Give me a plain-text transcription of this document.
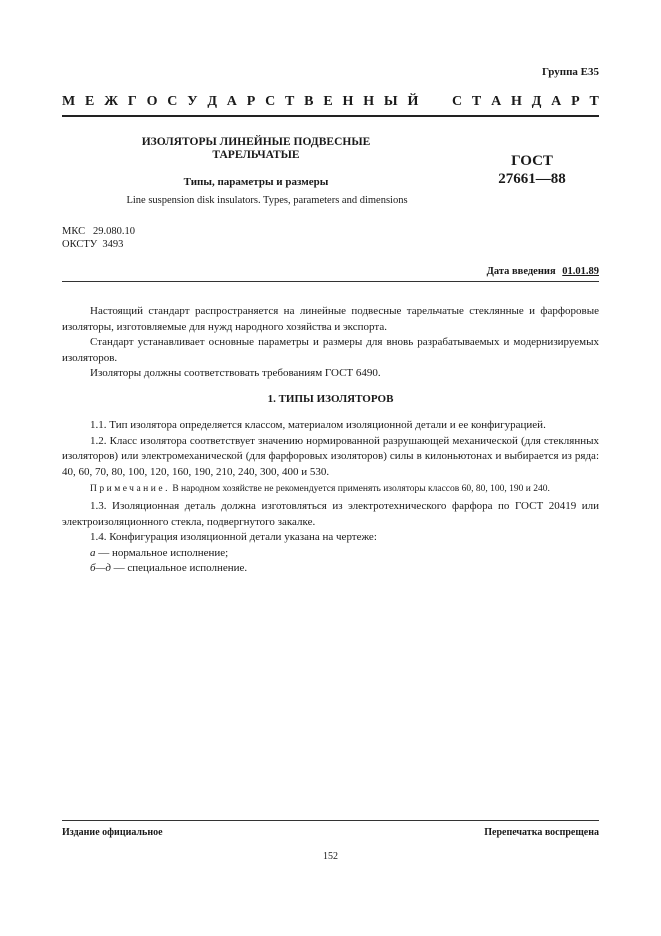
Группа Е35
М Е Ж Г О С У Д А Р С Т В Е Н Н Ы Й С Т А Н Д А Р Т
ИЗОЛЯТОРЫ ЛИНЕЙНЫЕ ПОДВЕСНЫЕ
ТАРЕЛЬЧАТЫЕ
Типы, параметры и размеры
ГОСТ
27661—88
Line suspension disk insulators. Types, parameters and dimensions
МКС   29.080.10
ОКСТУ  3493
Дата введения 01.01.89

Настоящий стандарт распространяется на линейные подвесные тарельчатые стеклянные и фарфоровые изоляторы, изготовляемые для нужд народного хозяйства и экспорта.

Стандарт устанавливает основные параметры и размеры для вновь разрабатываемых и модернизируемых изоляторов.

Изоляторы должны соответствовать требованиям ГОСТ 6490.

1. ТИПЫ ИЗОЛЯТОРОВ

1.1. Тип изолятора определяется классом, материалом изоляционной детали и ее конфигурацией.

1.2. Класс изолятора соответствует значению нормированной разрушающей механической (для стеклянных изоляторов) или электромеханической (для фарфоровых изоляторов) силы в килоньютонах и выбирается из ряда: 40, 60, 70, 80, 100, 120, 160, 190, 210, 240, 300, 400 и 530.

Примечание. В народном хозяйстве не рекомендуется применять изоляторы классов 60, 80, 100, 190 и 240.

1.3. Изоляционная деталь должна изготовляться из электротехнического фарфора по ГОСТ 20419 или электроизоляционного стекла, подвергнутого закалке.

1.4. Конфигурация изоляционной детали указана на чертеже:

а — нормальное исполнение;

б—д — специальное исполнение.

Издание официальное	Перепечатка воспрещена
152
